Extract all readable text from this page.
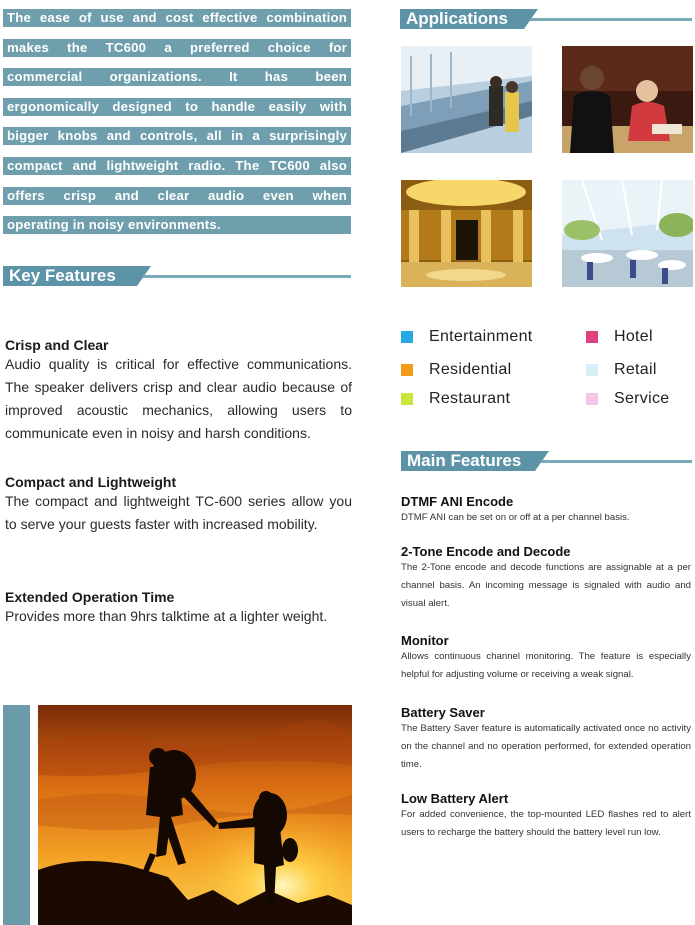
The ease of use and cost effective combination
makes the TC600 a preferred choice for
commercial organizations. It has been
ergonomically designed to handle easily with
bigger knobs and controls, all in a surprisingly
compact and lightweight radio. The TC600 also
offers crisp and clear audio even when
operating in noisy environments.
Key Features
Crisp and Clear
Audio quality is critical for effective communications. The speaker delivers crisp and clear audio because of improved acoustic mechanics, allowing users to communicate even in noisy and harsh conditions.
Compact and Lightweight
The compact and lightweight TC-600 series allow you to serve your guests faster with increased mobility.
Extended Operation Time
Provides more than 9hrs talktime at a lighter weight.
Applications
Entertainment	Hotel
Residential	Retail
Restaurant	Service
Main Features
DTMF ANI Encode
DTMF ANI can be set on or off at a per channel basis.
2-Tone Encode and Decode
The 2-Tone encode and decode functions are assignable at a per channel basis. An incoming message is signaled with audio and visual alert.
Monitor
Allows continuous channel monitoring. The feature is especially helpful for adjusting volume or receiving a weak signal.
Battery Saver
The Battery Saver feature is automatically activated once no activity on the channel and no operation performed, for extended operation time.
Low Battery Alert
For added convenience, the top-mounted LED flashes red to alert users to recharge the battery should the battery level run low.
